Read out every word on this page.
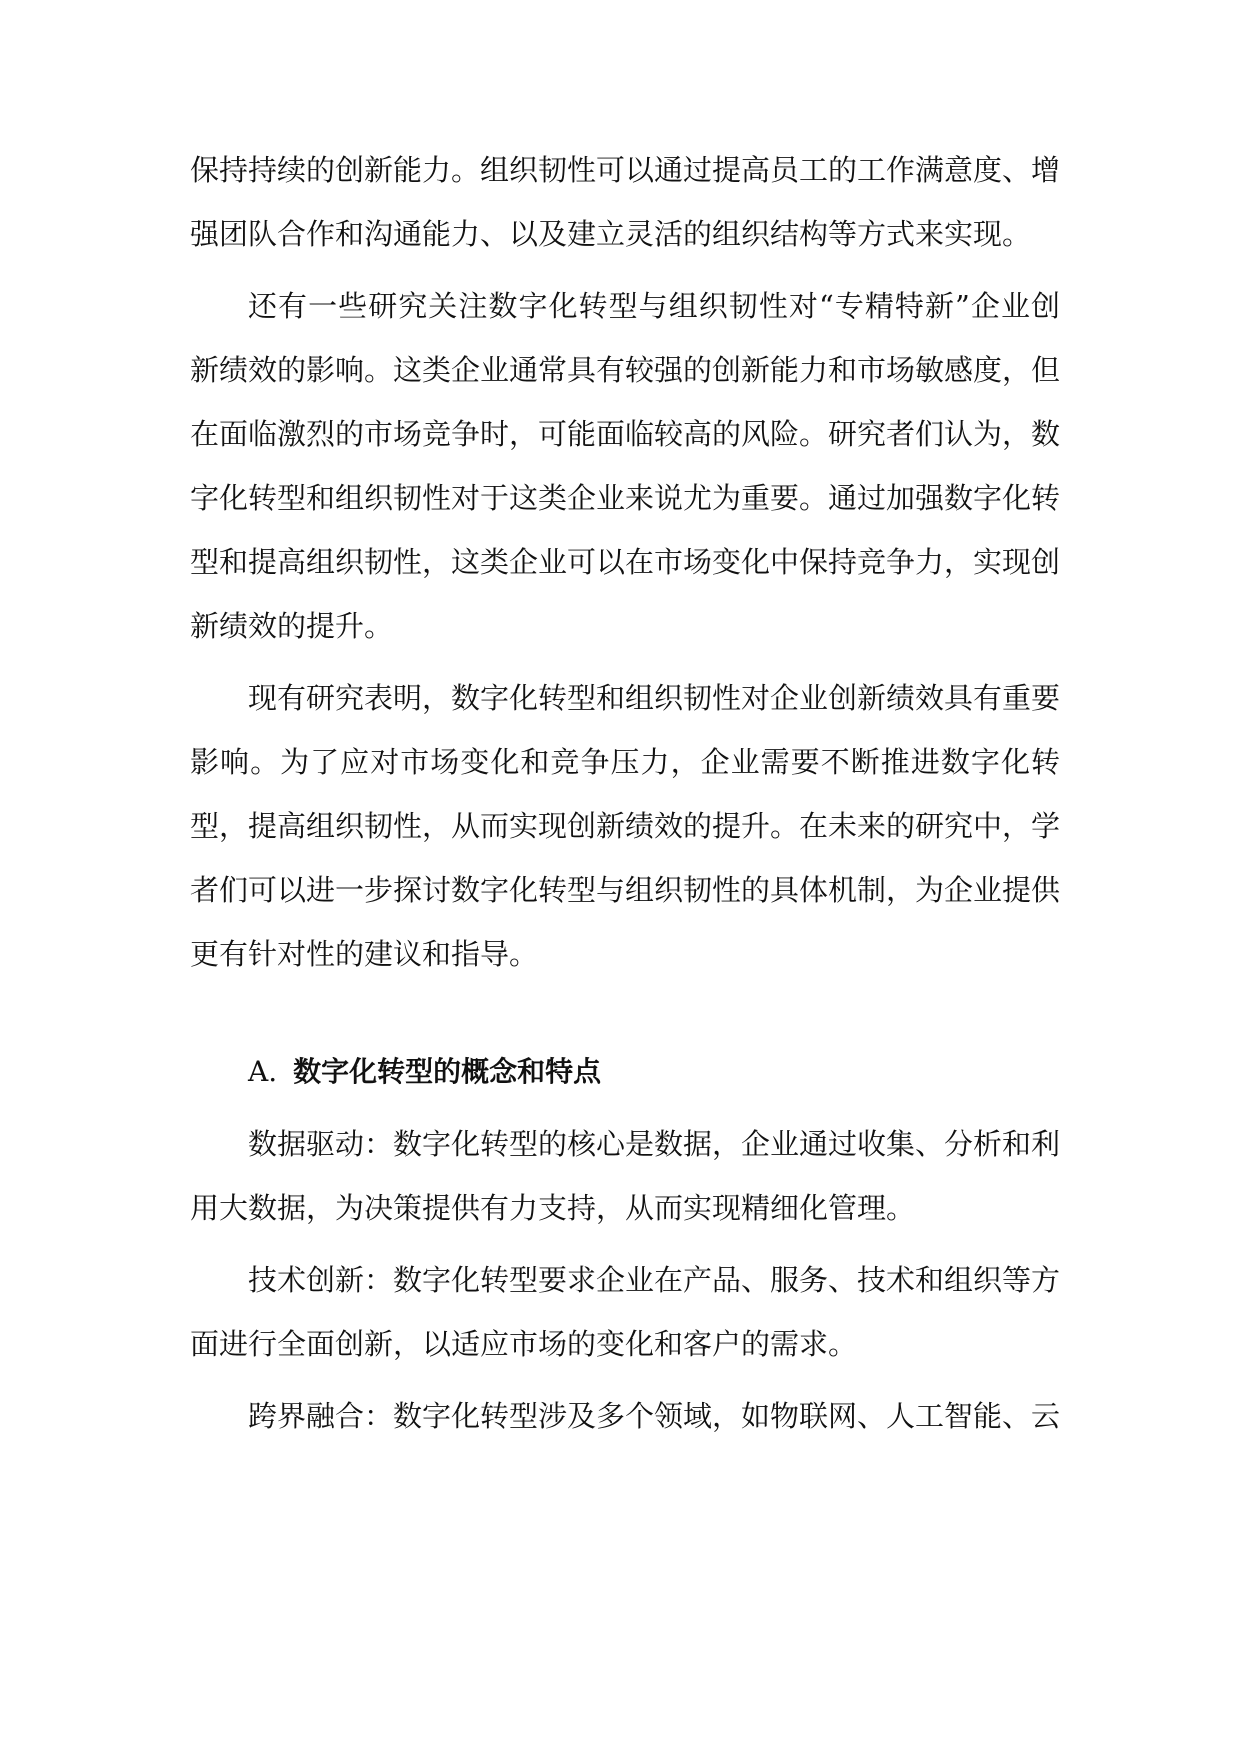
保持持续的创新能力。组织韧性可以通过提高员工的工作满意度、增强团队合作和沟通能力、以及建立灵活的组织结构等方式来实现。

还有一些研究关注数字化转型与组织韧性对“专精特新”企业创新绩效的影响。这类企业通常具有较强的创新能力和市场敏感度，但在面临激烈的市场竞争时，可能面临较高的风险。研究者们认为，数字化转型和组织韧性对于这类企业来说尤为重要。通过加强数字化转型和提高组织韧性，这类企业可以在市场变化中保持竞争力，实现创新绩效的提升。

现有研究表明，数字化转型和组织韧性对企业创新绩效具有重要影响。为了应对市场变化和竞争压力，企业需要不断推进数字化转型，提高组织韧性，从而实现创新绩效的提升。在未来的研究中，学者们可以进一步探讨数字化转型与组织韧性的具体机制，为企业提供更有针对性的建议和指导。

A. 数字化转型的概念和特点

数据驱动：数字化转型的核心是数据，企业通过收集、分析和利用大数据，为决策提供有力支持，从而实现精细化管理。

技术创新：数字化转型要求企业在产品、服务、技术和组织等方面进行全面创新，以适应市场的变化和客户的需求。

跨界融合：数字化转型涉及多个领域，如物联网、人工智能、云
